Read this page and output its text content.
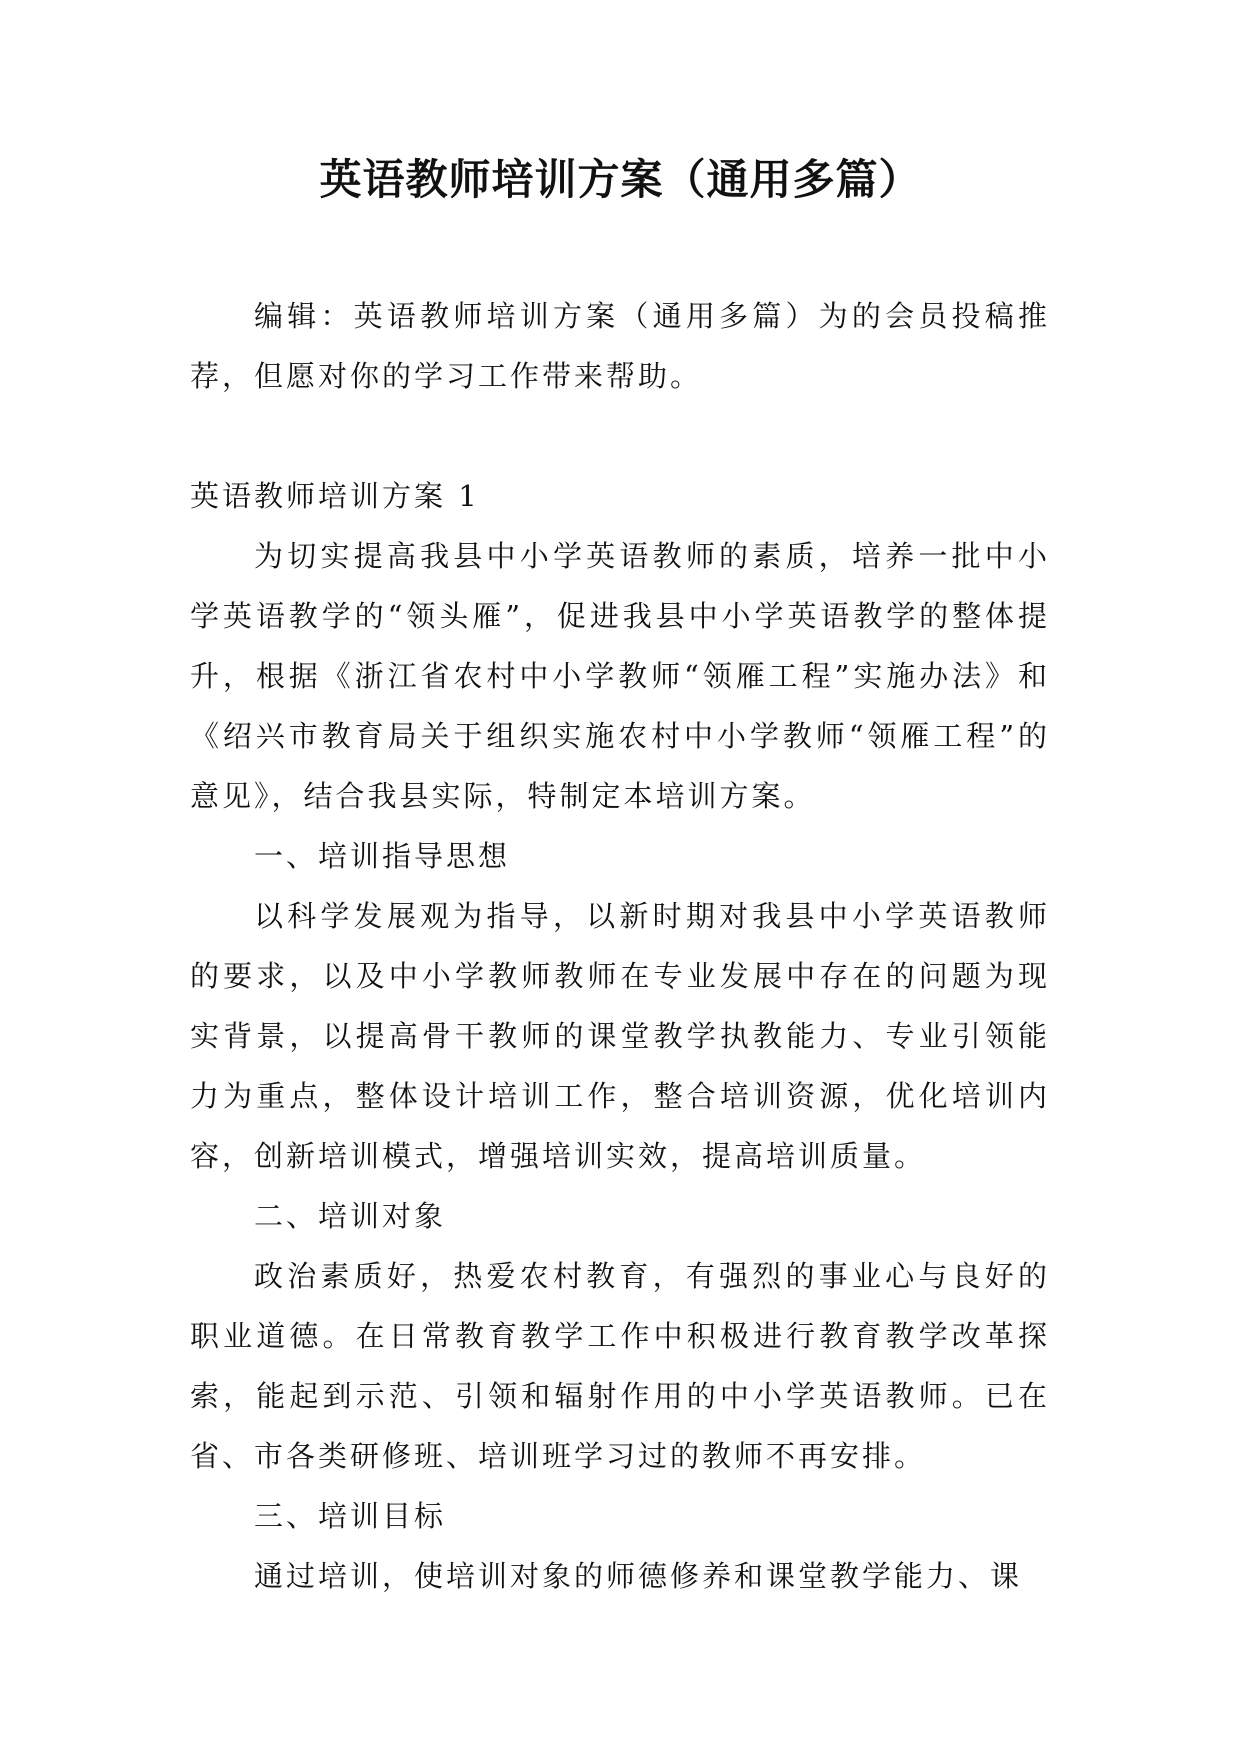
英语教师培训方案（通用多篇）

编辑：英语教师培训方案（通用多篇）为的会员投稿推荐，但愿对你的学习工作带来帮助。

英语教师培训方案 1

为切实提高我县中小学英语教师的素质，培养一批中小学英语教学的“领头雁”，促进我县中小学英语教学的整体提升，根据《浙江省农村中小学教师“领雁工程”实施办法》和《绍兴市教育局关于组织实施农村中小学教师“领雁工程”的意见》，结合我县实际，特制定本培训方案。

一、培训指导思想

以科学发展观为指导，以新时期对我县中小学英语教师的要求，以及中小学教师教师在专业发展中存在的问题为现实背景，以提高骨干教师的课堂教学执教能力、专业引领能力为重点，整体设计培训工作，整合培训资源，优化培训内容，创新培训模式，增强培训实效，提高培训质量。

二、培训对象

政治素质好，热爱农村教育，有强烈的事业心与良好的职业道德。在日常教育教学工作中积极进行教育教学改革探索，能起到示范、引领和辐射作用的中小学英语教师。已在省、市各类研修班、培训班学习过的教师不再安排。

三、培训目标

通过培训，使培训对象的师德修养和课堂教学能力、课
